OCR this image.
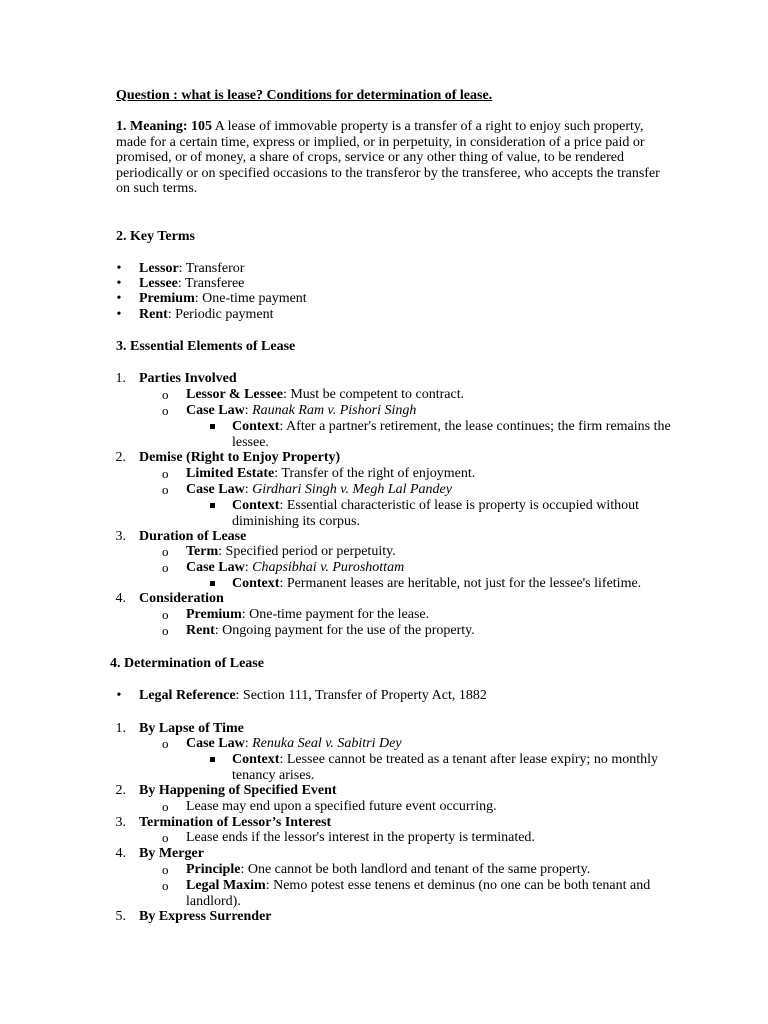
Question : what is lease? Conditions for determination of lease.
1. Meaning: 105 A lease of immovable property is a transfer of a right to enjoy such property, made for a certain time, express or implied, or in perpetuity, in consideration of a price paid or promised, or of money, a share of crops, service or any other thing of value, to be rendered periodically or on specified occasions to the transferor by the transferee, who accepts the transfer on such terms.
2. Key Terms
• Lessor: Transferor
• Lessee: Transferee
• Premium: One-time payment
• Rent: Periodic payment
3. Essential Elements of Lease
1. Parties Involved
o Lessor & Lessee: Must be competent to contract.
o Case Law: Raunak Ram v. Pishori Singh
Context: After a partner's retirement, the lease continues; the firm remains the lessee.
2. Demise (Right to Enjoy Property)
o Limited Estate: Transfer of the right of enjoyment.
o Case Law: Girdhari Singh v. Megh Lal Pandey
Context: Essential characteristic of lease is property is occupied without diminishing its corpus.
3. Duration of Lease
o Term: Specified period or perpetuity.
o Case Law: Chapsibhai v. Puroshottam
Context: Permanent leases are heritable, not just for the lessee's lifetime.
4. Consideration
o Premium: One-time payment for the lease.
o Rent: Ongoing payment for the use of the property.
4. Determination of Lease
• Legal Reference: Section 111, Transfer of Property Act, 1882
1. By Lapse of Time
o Case Law: Renuka Seal v. Sabitri Dey
Context: Lessee cannot be treated as a tenant after lease expiry; no monthly tenancy arises.
2. By Happening of Specified Event
o Lease may end upon a specified future event occurring.
3. Termination of Lessor’s Interest
o Lease ends if the lessor's interest in the property is terminated.
4. By Merger
o Principle: One cannot be both landlord and tenant of the same property.
o Legal Maxim: Nemo potest esse tenens et deminus (no one can be both tenant and landlord).
5. By Express Surrender
